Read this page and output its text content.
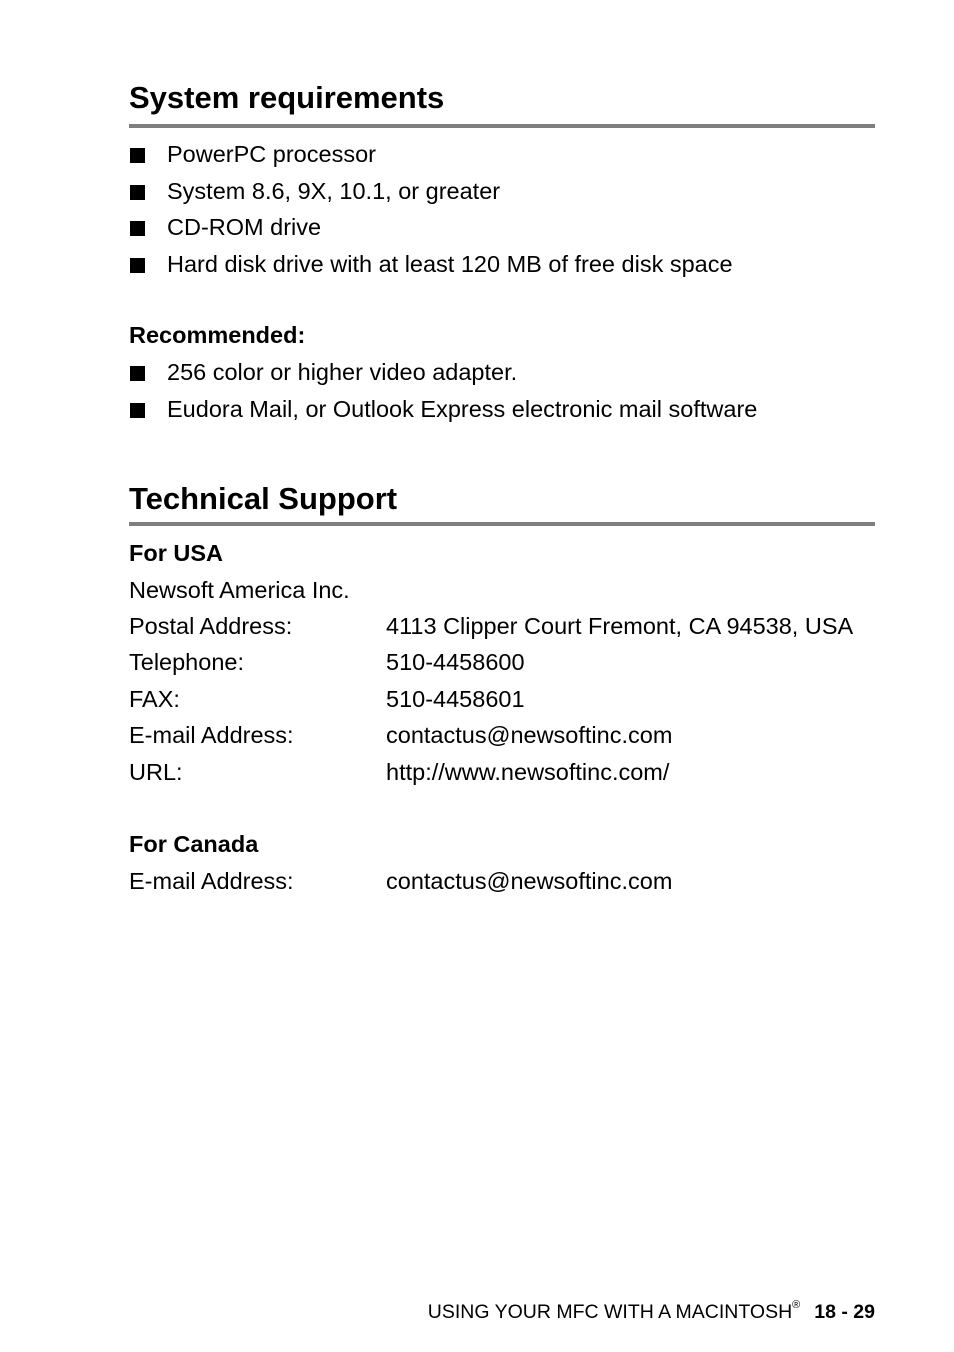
System requirements
PowerPC processor
System 8.6, 9X, 10.1, or greater
CD-ROM drive
Hard disk drive with at least 120 MB of free disk space
Recommended:
256 color or higher video adapter.
Eudora Mail, or Outlook Express electronic mail software
Technical Support
For USA
Newsoft America Inc.
Postal Address:	4113 Clipper Court Fremont, CA 94538, USA
Telephone:	510-4458600
FAX:	510-4458601
E-mail Address:	contactus@newsoftinc.com
URL:	http://www.newsoftinc.com/
For Canada
E-mail Address:	contactus@newsoftinc.com
USING YOUR MFC WITH A MACINTOSH® 18 - 29
